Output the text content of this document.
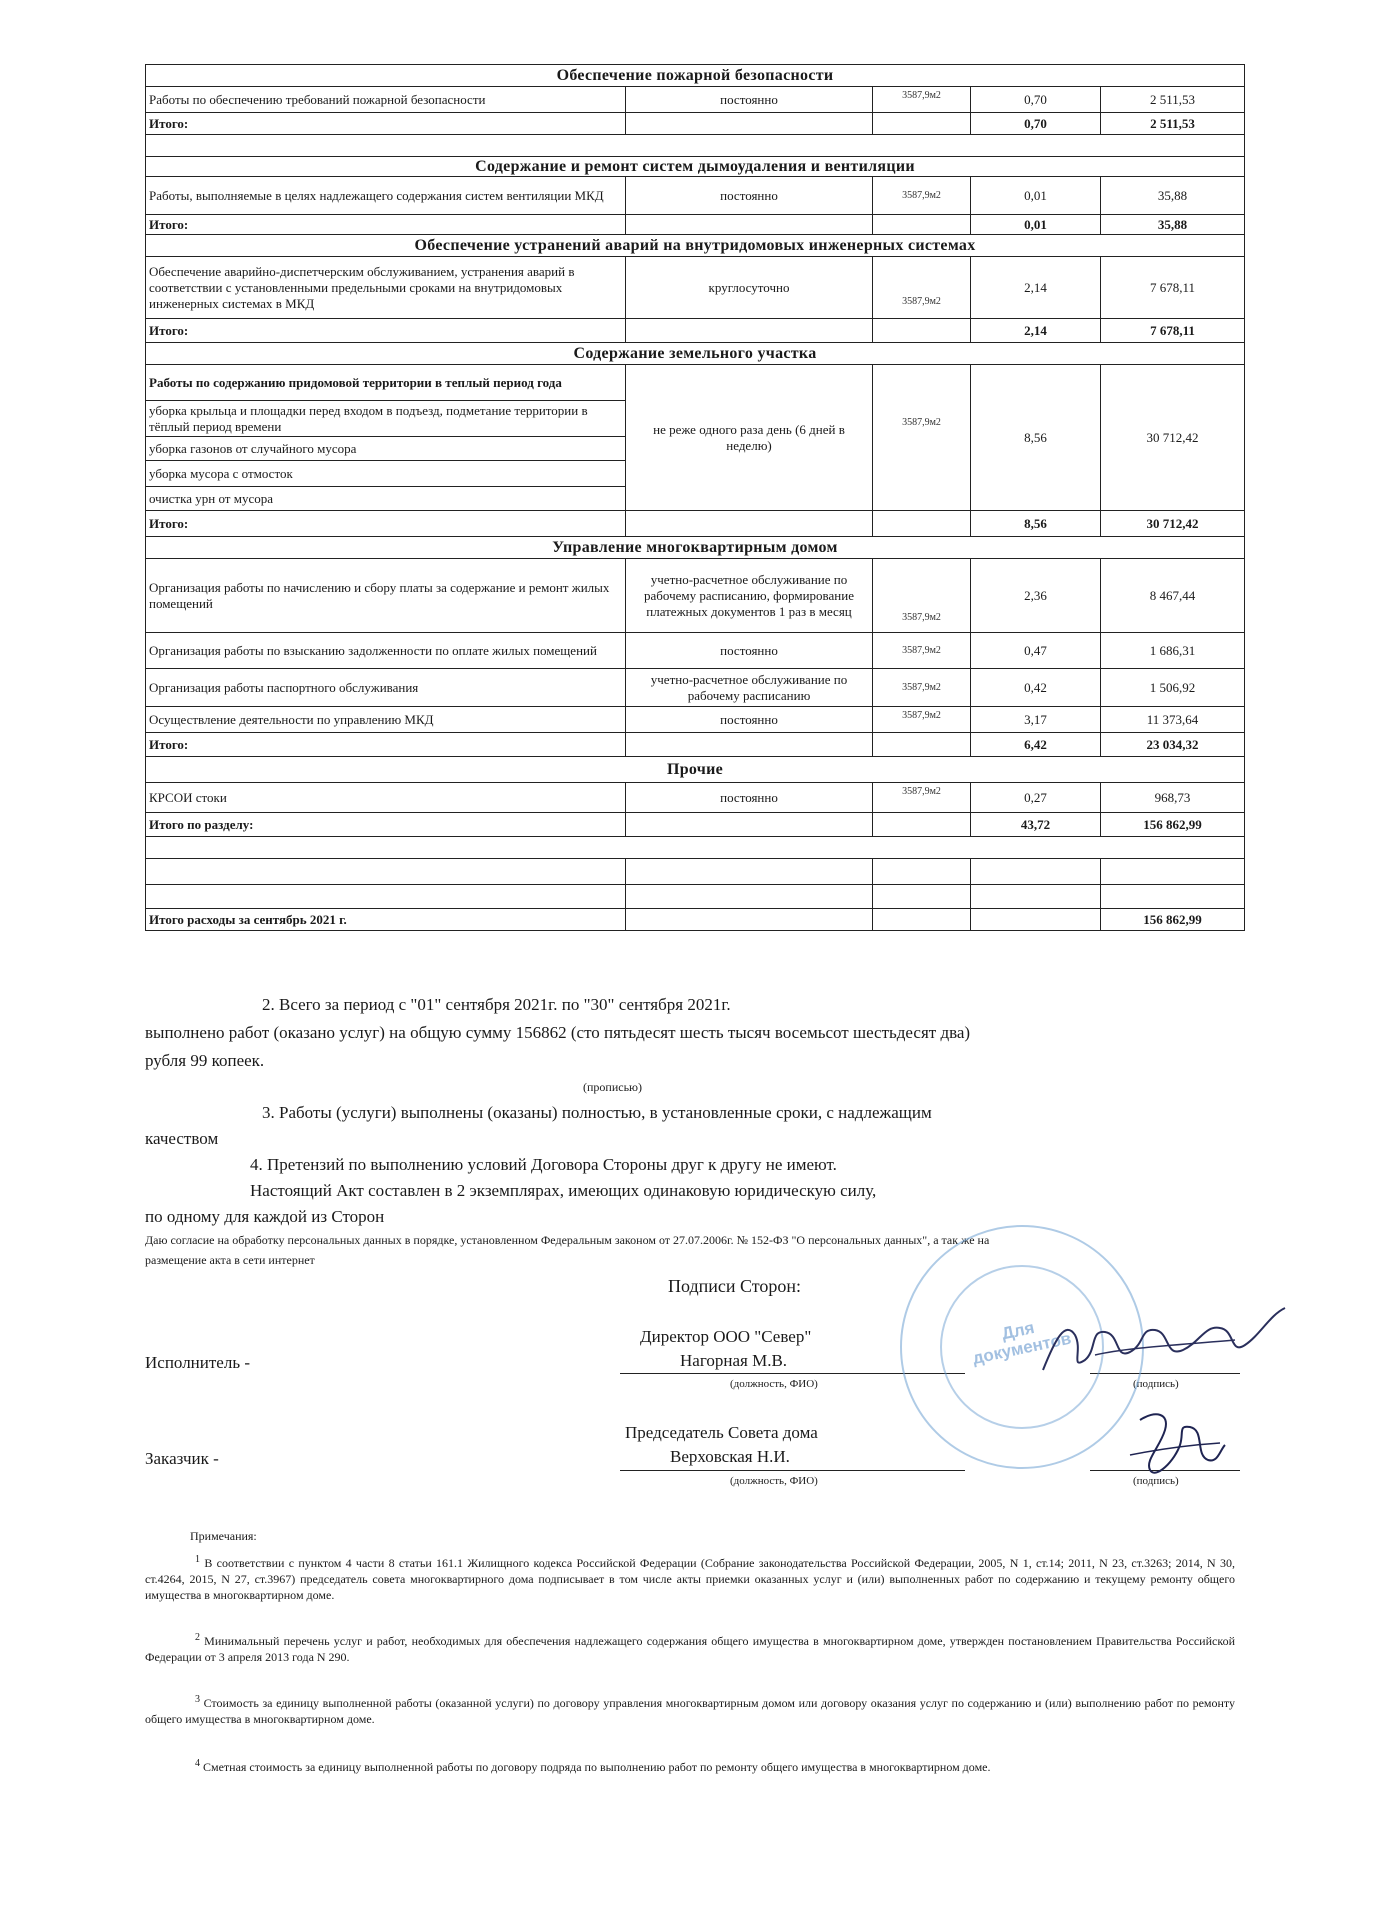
Обеспечение пожарной безопасности				
Работы по обеспечению требований пожарной безопасности	постоянно	3587,9м2	0,70	2 511,53
Итого:			0,70	2 511,53

Содержание и ремонт систем дымоудаления и вентиляции				
Работы, выполняемые в целях надлежащего содержания систем вентиляции МКД	постоянно	3587,9м2	0,01	35,88
Итого:			0,01	35,88
Обеспечение устранений аварий на внутридомовых инженерных системах				
Обеспечение аварийно-диспетчерским обслуживанием, устранения аварий в соответствии с установленными предельными сроками на внутридомовых инженерных системах в МКД	круглосуточно	3587,9м2	2,14	7 678,11
Итого:			2,14	7 678,11
Содержание земельного участка				
Работы по содержанию придомовой территории в теплый период года	не реже одного раза день (6 дней в неделю)	3587,9м2	8,56	30 712,42
уборка крыльца и площадки перед входом в подъезд, подметание территории в тёплый период времени				
уборка газонов от случайного мусора				
уборка мусора с отмосток				
очистка урн от мусора				
Итого:			8,56	30 712,42
Управление многоквартирным домом				
Организация работы по начислению и сбору платы за содержание и ремонт жилых помещений	учетно-расчетное обслуживание по рабочему расписанию, формирование платежных документов 1 раз в месяц	3587,9м2	2,36	8 467,44
Организация работы по взысканию задолженности по оплате жилых помещений	постоянно	3587,9м2	0,47	1 686,31
Организация работы паспортного обслуживания	учетно-расчетное обслуживание по рабочему расписанию	3587,9м2	0,42	1 506,92
Осуществление деятельности по управлению МКД	постоянно	3587,9м2	3,17	11 373,64
Итого:			6,42	23 034,32
Прочие				
КРСОИ стоки	постоянно	3587,9м2	0,27	968,73
Итого по разделу:			43,72	156 862,99

Итого расходы за сентябрь 2021 г.				156 862,99
2. Всего за период с "01" сентября 2021г. по "30" сентября 2021г.
выполнено работ (оказано услуг) на общую сумму 156862 (сто пятьдесят шесть тысяч восемьсот шестьдесят два)
рубля 99 копеек.
(прописью)
3. Работы (услуги) выполнены (оказаны) полностью, в установленные сроки, с надлежащим
качеством
4. Претензий по выполнению условий Договора Стороны друг к другу не имеют.
Настоящий Акт составлен в 2 экземплярах, имеющих одинаковую юридическую силу,
по одному для каждой из Сторон
Даю согласие на обработку персональных данных в порядке, установленном Федеральным законом от 27.07.2006г. № 152-ФЗ "О персональных данных", а так же на
размещение акта в сети интернет
Подписи Сторон:
Исполнитель -
Директор ООО "Север"
Нагорная М.В.
(должность, ФИО)	(подпись)
Заказчик -
Председатель Совета дома
Верховская Н.И.
(должность, ФИО)	(подпись)
Для документов
Примечания:
$^1$ В соответствии с пунктом 4 части 8 статьи 161.1 Жилищного кодекса Российской Федерации (Собрание законодательства Российской Федерации, 2005, N 1, ст.14; 2011, N 23, ст.3263; 2014, N 30, ст.4264, 2015, N 27, ст.3967) председатель совета многоквартирного дома подписывает в том числе акты приемки оказанных услуг и (или) выполненных работ по содержанию и текущему ремонту общего имущества в многоквартирном доме.
$^2$ Минимальный перечень услуг и работ, необходимых для обеспечения надлежащего содержания общего имущества в многоквартирном доме, утвержден постановлением Правительства Российской Федерации от 3 апреля 2013 года N 290.
$^3$ Стоимость за единицу выполненной работы (оказанной услуги) по договору управления многоквартирным домом или договору оказания услуг по содержанию и (или) выполнению работ по ремонту общего имущества в многоквартирном доме.
$^4$ Сметная стоимость за единицу выполненной работы по договору подряда по выполнению работ по ремонту общего имущества в многоквартирном доме.
